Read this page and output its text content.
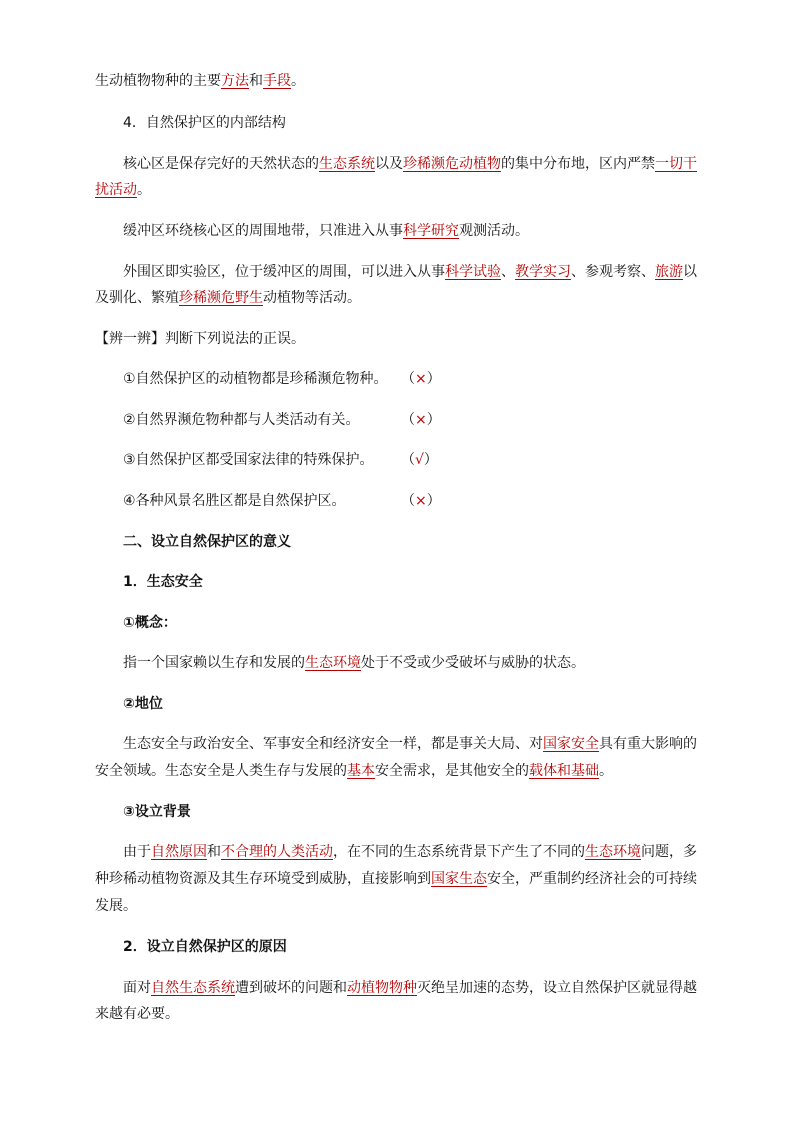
生动植物物种的主要方法和手段。
4．自然保护区的内部结构
核心区是保存完好的天然状态的生态系统以及珍稀濒危动植物的集中分布地，区内严禁一切干
扰活动。
缓冲区环绕核心区的周围地带，只准进入从事科学研究观测活动。
外围区即实验区，位于缓冲区的周围，可以进入从事科学试验、教学实习、参观考察、旅游以
及驯化、繁殖珍稀濒危野生动植物等活动。
【辨一辨】判断下列说法的正误。
①自然保护区的动植物都是珍稀濒危物种。 （×）
②自然界濒危物种都与人类活动有关。	（×）
③自然保护区都受国家法律的特殊保护。 （√）
④各种风景名胜区都是自然保护区。	（×）
二、设立自然保护区的意义
1．生态安全
①概念：
指一个国家赖以生存和发展的生态环境处于不受或少受破坏与威胁的状态。
②地位
生态安全与政治安全、军事安全和经济安全一样，都是事关大局、对国家安全具有重大影响的
安全领域。生态安全是人类生存与发展的基本安全需求，是其他安全的载体和基础。
③设立背景
由于自然原因和不合理的人类活动，在不同的生态系统背景下产生了不同的生态环境问题，多
种珍稀动植物资源及其生存环境受到威胁，直接影响到国家生态安全，严重制约经济社会的可持续
发展。
2．设立自然保护区的原因
面对自然生态系统遭到破坏的问题和动植物物种灭绝呈加速的态势，设立自然保护区就显得越
来越有必要。
